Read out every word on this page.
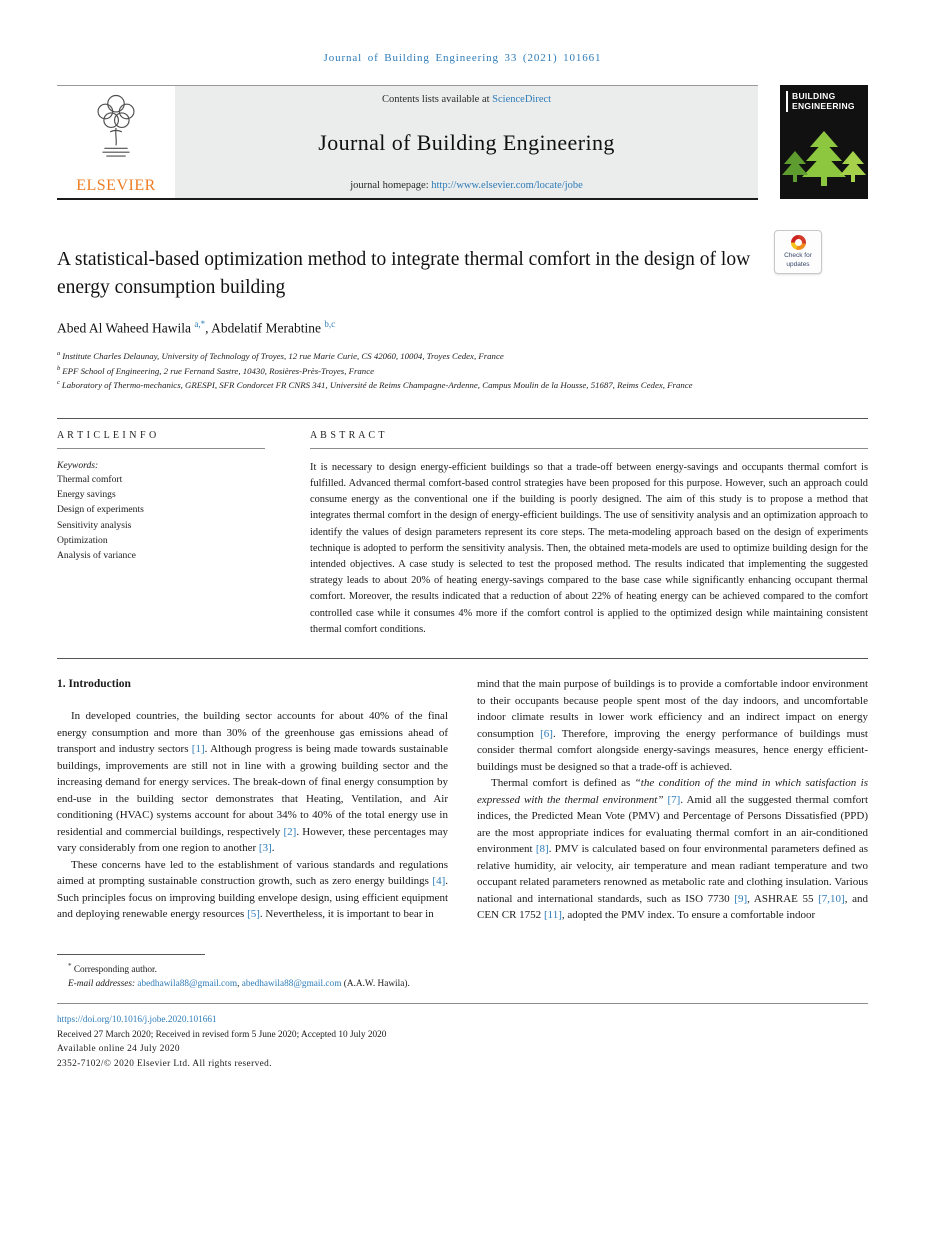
Journal of Building Engineering 33 (2021) 101661
ELSEVIER
Contents lists available at ScienceDirect
Journal of Building Engineering
journal homepage: http://www.elsevier.com/locate/jobe
BUILDING
ENGINEERING
A statistical-based optimization method to integrate thermal comfort in the design of low energy consumption building
Check for updates
Abed Al Waheed Hawila $^{a,*}$, Abdelatif Merabtine $^{b,c}$
$^a$ Institute Charles Delaunay, University of Technology of Troyes, 12 rue Marie Curie, CS 42060, 10004, Troyes Cedex, France
$^b$ EPF School of Engineering, 2 rue Fernand Sastre, 10430, Rosières-Près-Troyes, France
$^c$ Laboratory of Thermo-mechanics, GRESPI, SFR Condorcet FR CNRS 341, Université de Reims Champagne-Ardenne, Campus Moulin de la Housse, 51687, Reims Cedex, France
A R T I C L E I N F O
Keywords:
Thermal comfort
Energy savings
Design of experiments
Sensitivity analysis
Optimization
Analysis of variance
A B S T R A C T
It is necessary to design energy-efficient buildings so that a trade-off between energy-savings and occupants thermal comfort is fulfilled. Advanced thermal comfort-based control strategies have been proposed for this purpose. However, such an approach could consume energy as the conventional one if the building is poorly designed. The aim of this study is to propose a method that integrates thermal comfort in the design of energy-efficient buildings. The use of sensitivity analysis and an optimization approach to identify the values of design parameters represent its core steps. The meta-modeling approach based on the design of experiments technique is adopted to perform the sensitivity analysis. Then, the obtained meta-models are used to optimize building design for the intended objectives. A case study is selected to test the proposed method. The results indicated that implementing the suggested strategy leads to about 20% of heating energy-savings compared to the base case while significantly enhancing occupant thermal comfort. Moreover, the results indicated that a reduction of about 22% of heating energy can be achieved compared to the comfort controlled case while it consumes 4% more if the comfort control is applied to the optimized design while maintaining consistent thermal comfort conditions.
1. Introduction

In developed countries, the building sector accounts for about 40% of the final energy consumption and more than 30% of the greenhouse gas emissions ahead of transport and industry sectors [1]. Although progress is being made towards sustainable buildings, improvements are still not in line with a growing building sector and the increasing demand for energy services. The break-down of final energy consumption by end-use in the building sector demonstrates that Heating, Ventilation, and Air conditioning (HVAC) systems account for about 34% to 40% of the total energy use in residential and commercial buildings, respectively [2]. However, these percentages may vary considerably from one region to another [3].

These concerns have led to the establishment of various standards and regulations aimed at prompting sustainable construction growth, such as zero energy buildings [4]. Such principles focus on improving building envelope design, using efficient equipment and deploying renewable energy resources [5]. Nevertheless, it is important to bear in

mind that the main purpose of buildings is to provide a comfortable indoor environment to their occupants because people spent most of the day indoors, and uncomfortable indoor climate results in lower work efficiency and an indirect impact on energy consumption [6]. Therefore, improving the energy performance of buildings must consider thermal comfort alongside energy-savings measures, hence energy efficient-buildings must be designed so that a trade-off is achieved.

Thermal comfort is defined as “the condition of the mind in which satisfaction is expressed with the thermal environment” [7]. Amid all the suggested thermal comfort indices, the Predicted Mean Vote (PMV) and Percentage of Persons Dissatisfied (PPD) are the most appropriate indices for evaluating thermal comfort in an air-conditioned environment [8]. PMV is calculated based on four environmental parameters defined as relative humidity, air velocity, air temperature and mean radiant temperature and two occupant related parameters renowned as metabolic rate and clothing insulation. Various national and international standards, such as ISO 7730 [9], ASHRAE 55 [7,10], and CEN CR 1752 [11], adopted the PMV index. To ensure a comfortable indoor

* Corresponding author.
E-mail addresses: abedhawila88@gmail.com, abedhawila88@gmail.com (A.A.W. Hawila).
https://doi.org/10.1016/j.jobe.2020.101661
Received 27 March 2020; Received in revised form 5 June 2020; Accepted 10 July 2020
Available online 24 July 2020
2352-7102/© 2020 Elsevier Ltd. All rights reserved.
